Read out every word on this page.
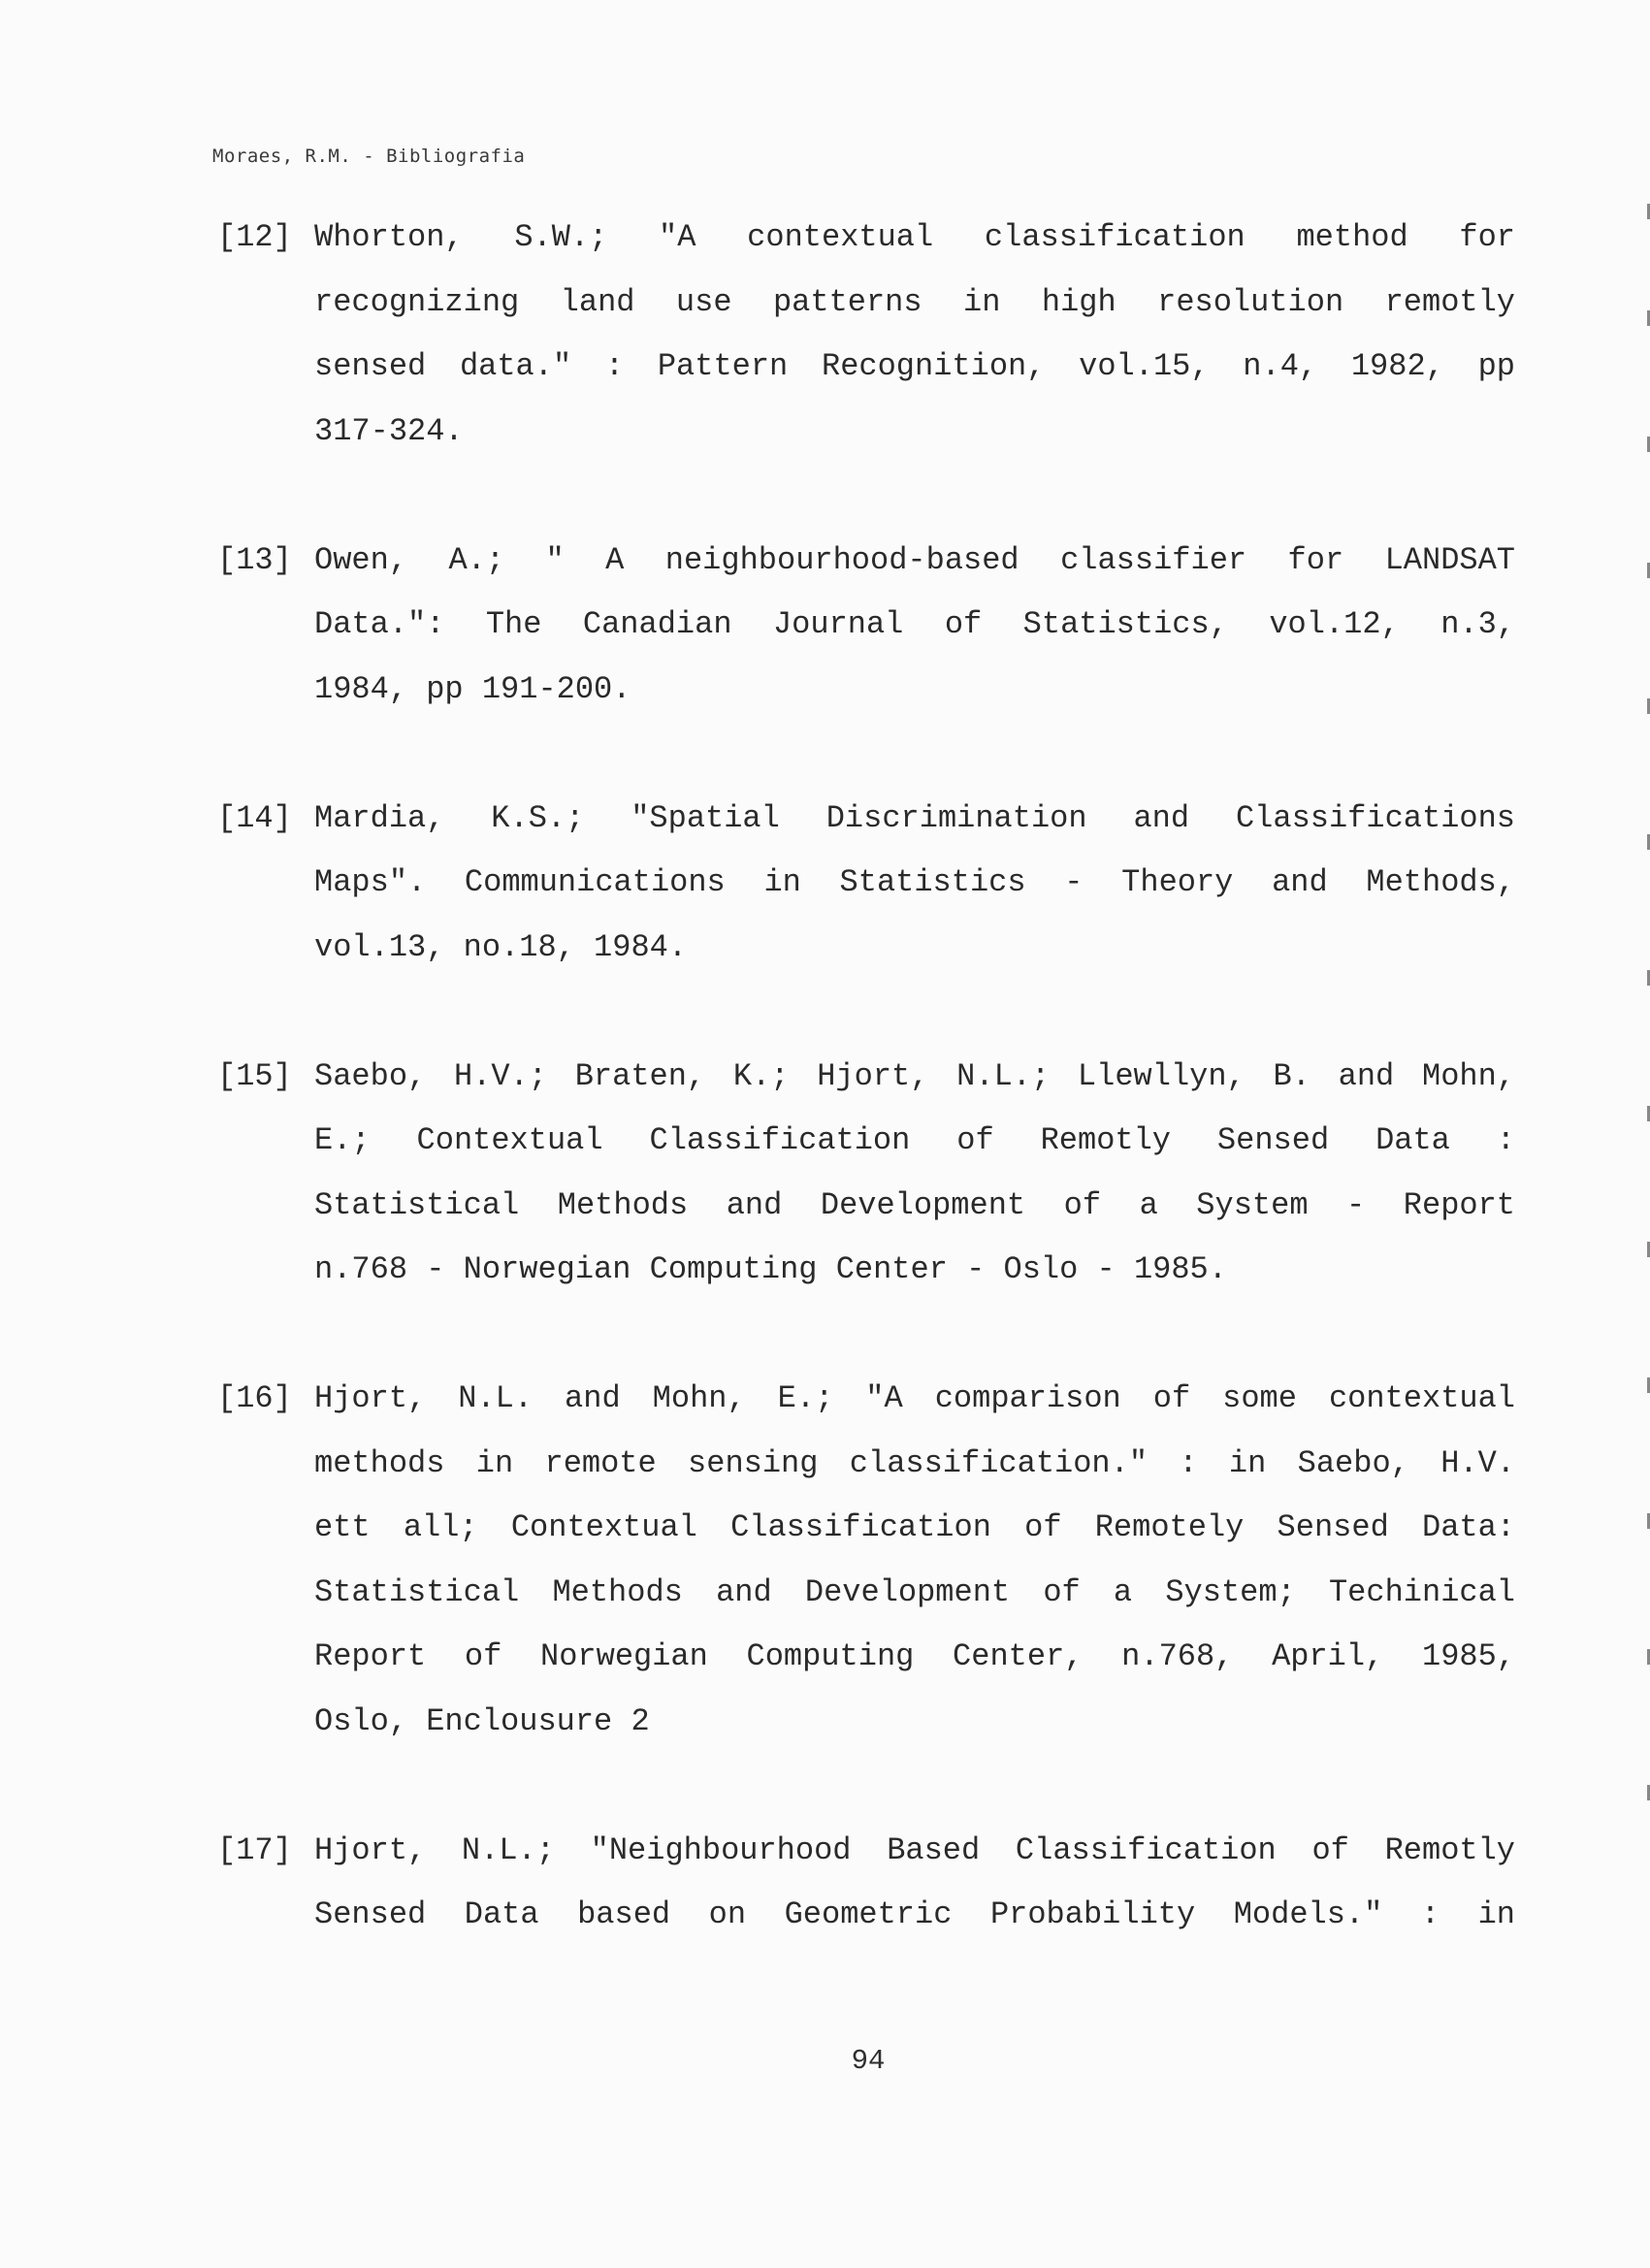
Moraes, R.M. - Bibliografia
[12] Whorton, S.W.; "A contextual classification method for
recognizing land use patterns in high resolution remotly
sensed data." : Pattern Recognition, vol.15, n.4, 1982, pp
317-324.
[13] Owen, A.; " A neighbourhood-based classifier for LANDSAT
Data.": The Canadian Journal of Statistics, vol.12, n.3,
1984, pp 191-200.
[14] Mardia, K.S.; "Spatial Discrimination and Classifications
Maps". Communications in Statistics - Theory and Methods,
vol.13, no.18, 1984.
[15] Saebo, H.V.; Braten, K.; Hjort, N.L.; Llewllyn, B. and Mohn,
E.; Contextual Classification of Remotly Sensed Data :
Statistical Methods and Development of a System - Report
n.768 - Norwegian Computing Center - Oslo - 1985.
[16] Hjort, N.L. and Mohn, E.; "A comparison of some contextual
methods in remote sensing classification." : in Saebo, H.V.
ett all; Contextual Classification of Remotely Sensed Data:
Statistical Methods and Development of a System; Techinical
Report of Norwegian Computing Center, n.768, April, 1985,
Oslo, Enclousure 2
[17] Hjort, N.L.; "Neighbourhood Based Classification of Remotly
Sensed Data based on Geometric Probability Models." : in
94
